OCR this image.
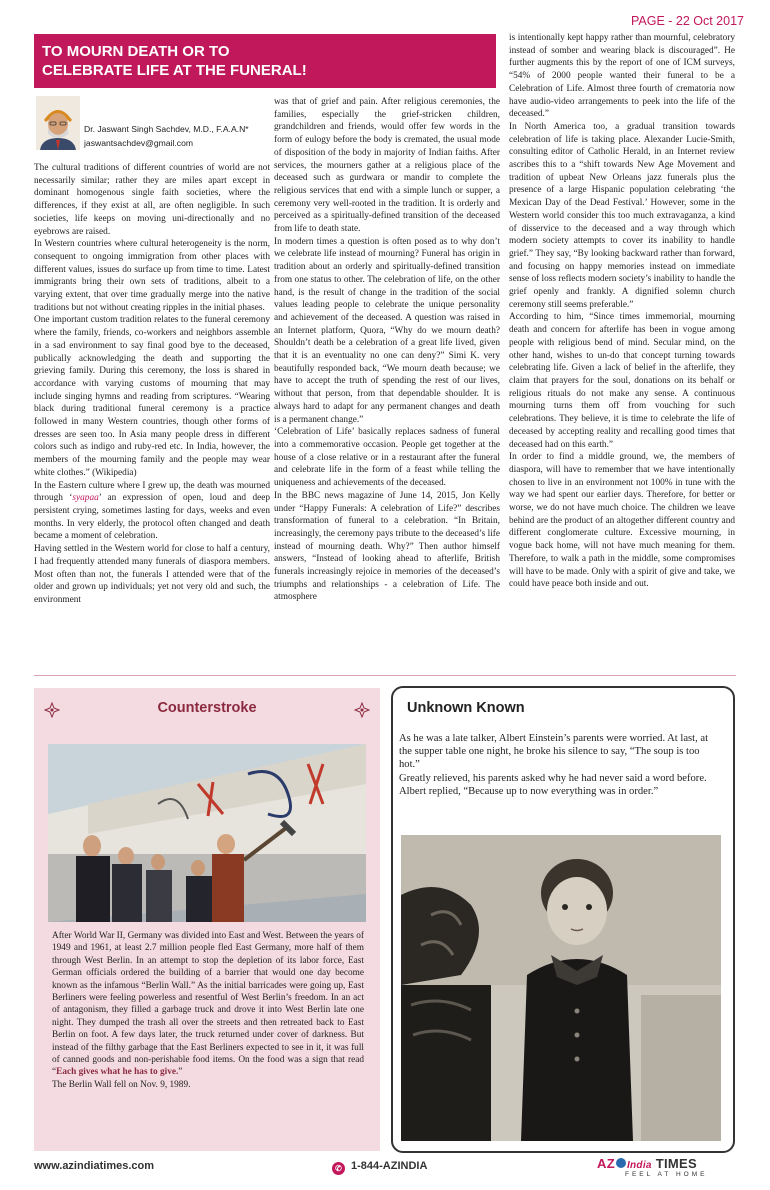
PAGE - 22 Oct 2017
TO MOURN DEATH OR TO
CELEBRATE LIFE AT THE FUNERAL!
Dr. Jaswant Singh Sachdev, M.D., F.A.A.N*
jaswantsachdev@gmail.com

The cultural traditions of different countries of world are not necessarily similar; rather they are miles apart except in dominant homogenous single faith societies, where the differences, if they exist at all, are often negligible. In such societies, life keeps on moving uni-directionally and no eyebrows are raised.

In Western countries where cultural heterogeneity is the norm, consequent to ongoing immigration from other places with different values, issues do surface up from time to time. Latest immigrants bring their own sets of traditions, albeit to a varying extent, that over time gradually merge into the native traditions but not without creating ripples in the initial phases.

One important custom tradition relates to the funeral ceremony where the family, friends, co-workers and neighbors assemble in a sad environment to say final good bye to the deceased, publically acknowledging the death and supporting the grieving family. During this ceremony, the loss is shared in accordance with varying customs of mourning that may include singing hymns and reading from scriptures. “Wearing black during traditional funeral ceremony is a practice followed in many Western countries, though other forms of dresses are seen too. In Asia many people dress in different colors such as indigo and ruby-red etc. In India, however, the members of the mourning family and the people may wear white clothes.” (Wikipedia)

In the Eastern culture where I grew up, the death was mourned through ‘syapaa’ an expression of open, loud and deep persistent crying, sometimes lasting for days, weeks and even months. In very elderly, the protocol often changed and death became a moment of celebration.

Having settled in the Western world for close to half a century, I had frequently attended many funerals of diaspora members. Most often than not, the funerals I attended were that of the older and grown up individuals; yet not very old and such, the environment

was that of grief and pain. After religious ceremonies, the families, especially the grief-stricken children, grandchildren and friends, would offer few words in the form of eulogy before the body is cremated, the usual mode of disposition of the body in majority of Indian faiths. After services, the mourners gather at a religious place of the deceased such as gurdwara or mandir to complete the religious services that end with a simple lunch or supper, a ceremony very well-rooted in the tradition. It is orderly and perceived as a spiritually-defined transition of the deceased from life to death state.

In modern times a question is often posed as to why don’t we celebrate life instead of mourning? Funeral has origin in tradition about an orderly and spiritually-defined transition from one status to other. The celebration of life, on the other hand, is the result of change in the tradition of the social values leading people to celebrate the unique personality and achievement of the deceased. A question was raised in an Internet platform, Quora, “Why do we mourn death? Shouldn’t death be a celebration of a great life lived, given that it is an eventuality no one can deny?” Simi K. very beautifully responded back, “We mourn death because; we have to accept the truth of spending the rest of our lives, without that person, from that dependable shoulder. It is always hard to adapt for any permanent changes and death is a permanent change.”

‘Celebration of Life’ basically replaces sadness of funeral into a commemorative occasion. People get together at the house of a close relative or in a restaurant after the funeral and celebrate life in the form of a feast while telling the uniqueness and achievements of the deceased.

In the BBC news magazine of June 14, 2015, Jon Kelly under “Happy Funerals: A celebration of Life?” describes transformation of funeral to a celebration. “In Britain, increasingly, the ceremony pays tribute to the deceased’s life instead of mourning death. Why?” Then author himself answers, “Instead of looking ahead to afterlife, British funerals increasingly rejoice in memories of the deceased’s triumphs and relationships - a celebration of Life. The atmosphere

is intentionally kept happy rather than mournful, celebratory instead of somber and wearing black is discouraged”. He further augments this by the report of one of ICM surveys, “54% of 2000 people wanted their funeral to be a Celebration of Life. Almost three fourth of crematoria now have audio-video arrangements to peek into the life of the deceased.”

In North America too, a gradual transition towards celebration of life is taking place. Alexander Lucie-Smith, consulting editor of Catholic Herald, in an Internet review ascribes this to a “shift towards New Age Movement and tradition of upbeat New Orleans jazz funerals plus the presence of a large Hispanic population celebrating ‘the Mexican Day of the Dead Festival.’ However, some in the Western world consider this too much extravaganza, a kind of disservice to the deceased and a way through which modern society attempts to cover its inability to handle grief.” They say, “By looking backward rather than forward, and focusing on happy memories instead on immediate sense of loss reflects modern society’s inability to handle the grief openly and frankly. A dignified solemn church ceremony still seems preferable.”

According to him, “Since times immemorial, mourning death and concern for afterlife has been in vogue among people with religious bend of mind. Secular mind, on the other hand, wishes to un-do that concept turning towards celebrating life. Given a lack of belief in the afterlife, they claim that prayers for the soul, donations on its behalf or religious rituals do not make any sense. A continuous mourning turns them off from vouching for such celebrations. They believe, it is time to celebrate the life of deceased by accepting reality and recalling good times that deceased had on this earth.”

In order to find a middle ground, we, the members of diaspora, will have to remember that we have intentionally chosen to live in an environment not 100% in tune with the way we had spent our earlier days. Therefore, for better or worse, we do not have much choice. The children we leave behind are the product of an altogether different country and different conglomerate culture. Excessive mourning, in vogue back home, will not have much meaning for them. Therefore, to walk a path in the middle, some compromises will have to be made. Only with a spirit of give and take, we could have peace both inside and out.

Counterstroke

After World War II, Germany was divided into East and West. Between the years of 1949 and 1961, at least 2.7 million people fled East Germany, more half of them through West Berlin. In an attempt to stop the depletion of its labor force, East German officials ordered the building of a barrier that would one day become known as the infamous “Berlin Wall.” As the initial barricades were going up, East Berliners were feeling powerless and resentful of West Berlin’s freedom. In an act of antagonism, they filled a garbage truck and drove it into West Berlin late one night. They dumped the trash all over the streets and then retreated back to East Berlin on foot. A few days later, the truck returned under cover of darkness. But instead of the filthy garbage that the East Berliners expected to see in it, it was full of canned goods and non-perishable food items. On the food was a sign that read “Each gives what he has to give.”

The Berlin Wall fell on Nov. 9, 1989.

Unknown Known

As he was a late talker, Albert Einstein’s parents were worried. At last, at the supper table one night, he broke his silence to say, “The soup is too hot.”

Greatly relieved, his parents asked why he had never said a word before.

Albert replied, “Because up to now everything was in order.”

www.azindiatimes.com	✆ 1-844-AZINDIA	AZ India TIMES
FEEL AT HOME
